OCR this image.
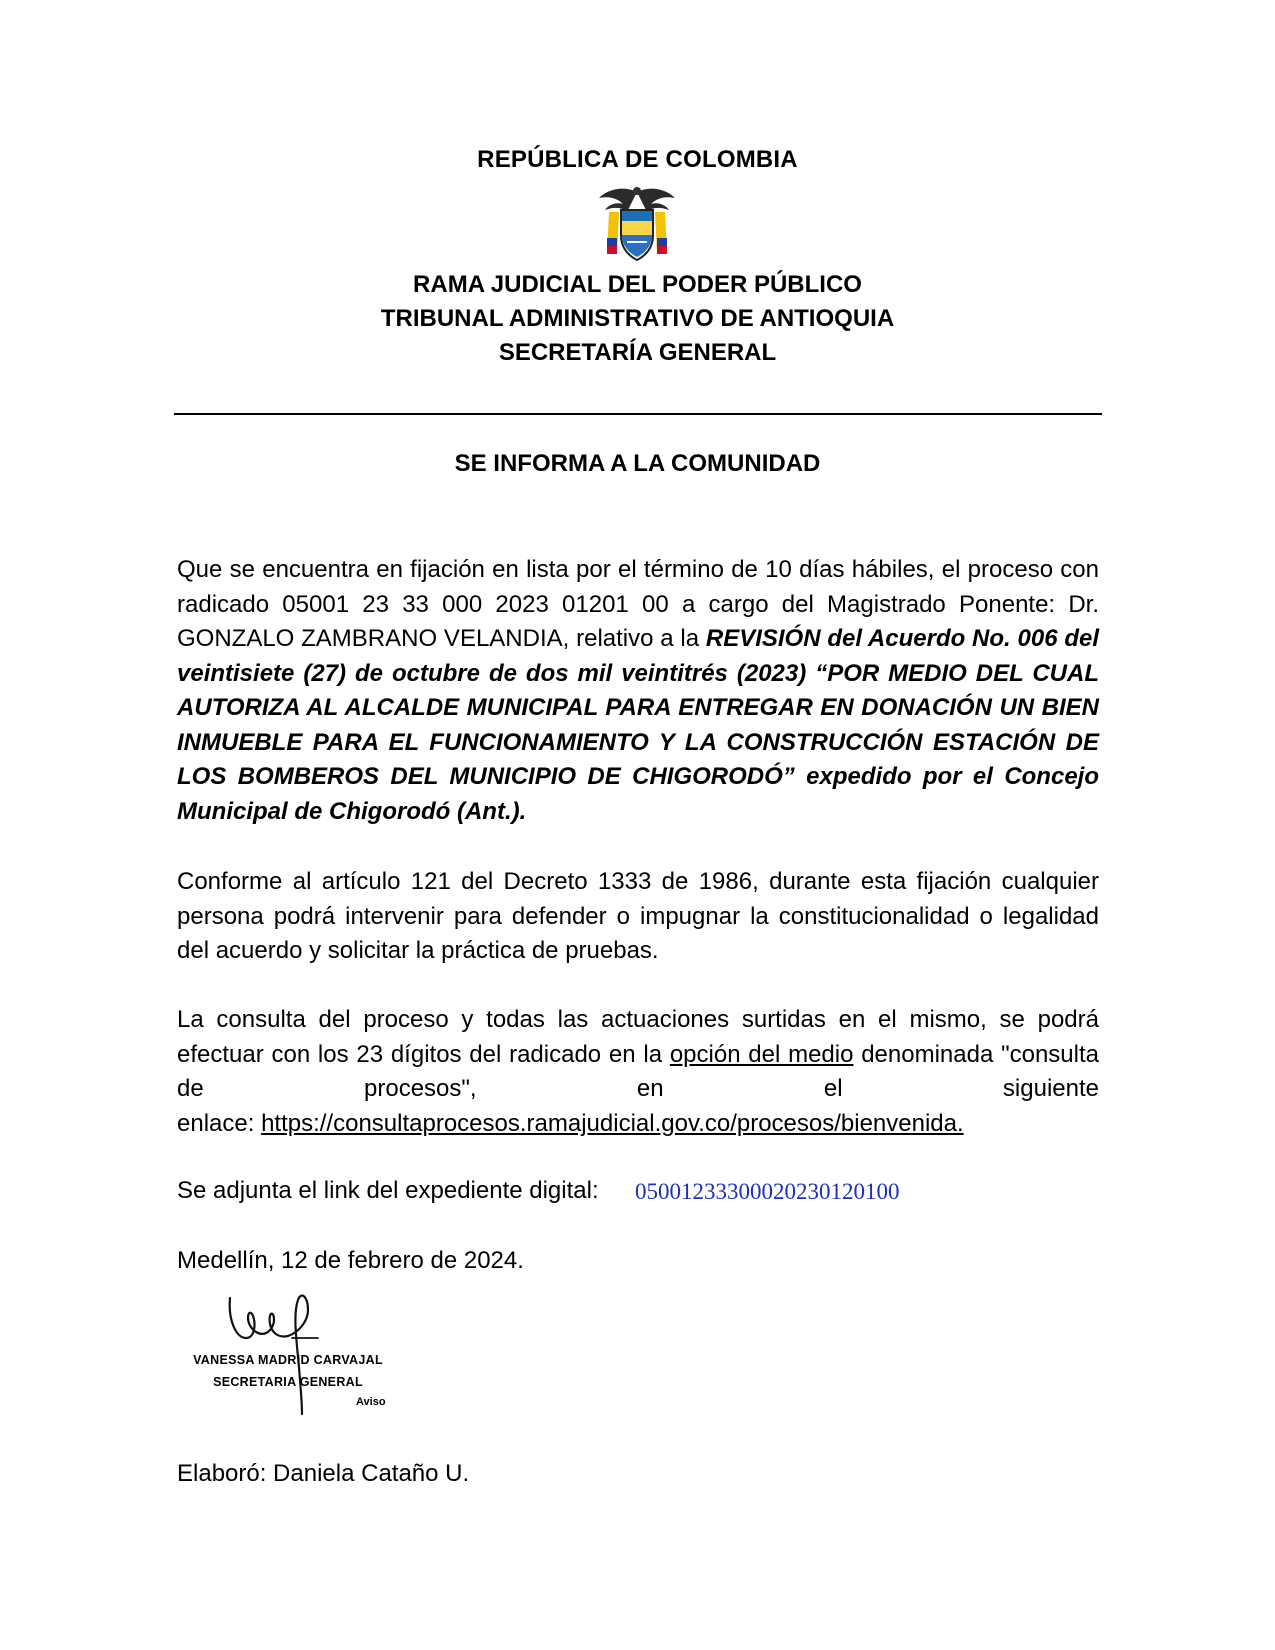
REPÚBLICA DE COLOMBIA
RAMA JUDICIAL DEL PODER PÚBLICO
TRIBUNAL ADMINISTRATIVO DE ANTIOQUIA
SECRETARÍA GENERAL
SE INFORMA A LA COMUNIDAD
Que se encuentra en fijación en lista por el término de 10 días hábiles, el proceso con radicado 05001 23 33 000 2023 01201 00 a cargo del Magistrado Ponente: Dr. GONZALO ZAMBRANO VELANDIA, relativo a la REVISIÓN del Acuerdo No. 006 del veintisiete (27) de octubre de dos mil veintitrés (2023) “POR MEDIO DEL CUAL AUTORIZA AL ALCALDE MUNICIPAL PARA ENTREGAR EN DONACIÓN UN BIEN INMUEBLE PARA EL FUNCIONAMIENTO Y LA CONSTRUCCIÓN ESTACIÓN DE LOS BOMBEROS DEL MUNICIPIO DE CHIGORODÓ” expedido por el Concejo Municipal de Chigorodó (Ant.).
Conforme al artículo 121 del Decreto 1333 de 1986, durante esta fijación cualquier persona podrá intervenir para defender o impugnar la constitucionalidad o legalidad del acuerdo y solicitar la práctica de pruebas.
La consulta del proceso y todas las actuaciones surtidas en el mismo, se podrá efectuar con los 23 dígitos del radicado en la opción del medio denominada "consulta de procesos", en el siguiente
enlace: https://consultaprocesos.ramajudicial.gov.co/procesos/bienvenida.
Se adjunta el link del expediente digital: 05001233300020230120100
Medellín, 12 de febrero de 2024.
VANESSA MADRID CARVAJAL
SECRETARIA GENERAL
Aviso
Elaboró: Daniela Cataño U.
